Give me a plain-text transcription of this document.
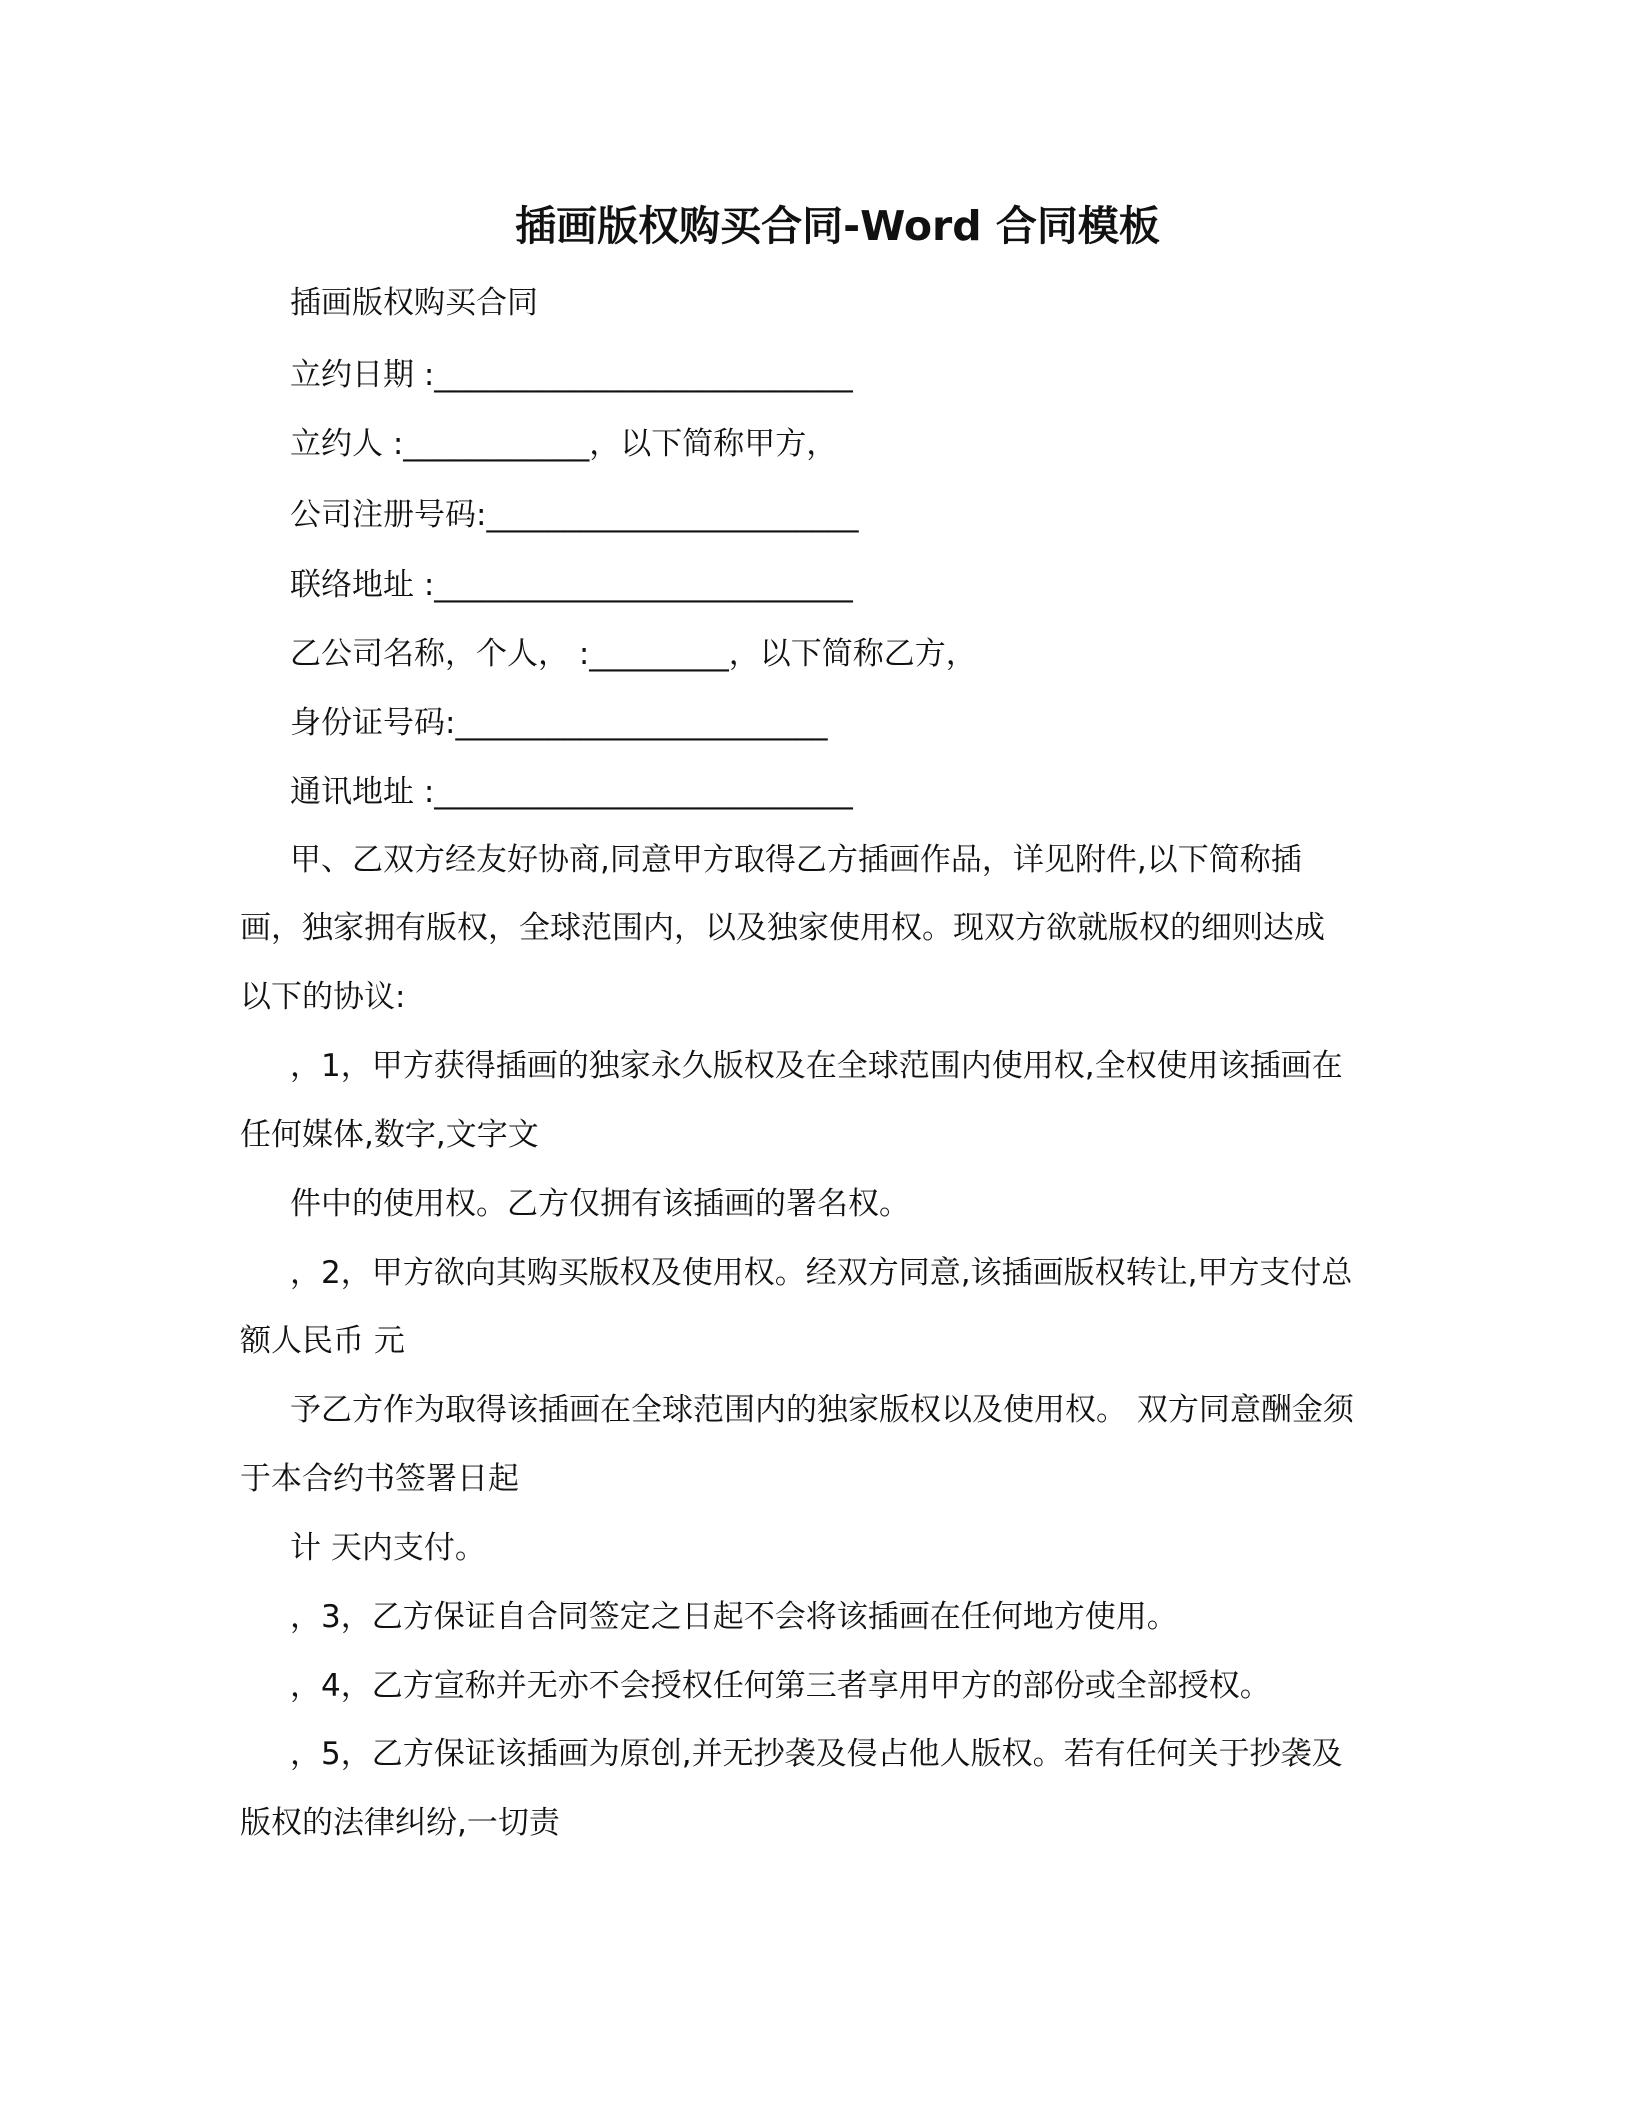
插画版权购买合同-Word 合同模板
插画版权购买合同
立约日期 :___________________________
立约人 :____________，以下简称甲方，
公司注册号码:________________________
联络地址 :___________________________
乙公司名称，个人， :_________，以下简称乙方，
身份证号码:________________________
通讯地址 :___________________________
甲、乙双方经友好协商,同意甲方取得乙方插画作品，详见附件,以下简称插
画，独家拥有版权，全球范围内，以及独家使用权。现双方欲就版权的细则达成
以下的协议:
，1，甲方获得插画的独家永久版权及在全球范围内使用权,全权使用该插画在
任何媒体,数字,文字文
件中的使用权。乙方仅拥有该插画的署名权。
，2，甲方欲向其购买版权及使用权。经双方同意,该插画版权转让,甲方支付总
额人民币 元
予乙方作为取得该插画在全球范围内的独家版权以及使用权。 双方同意酬金须
于本合约书签署日起
计 天内支付。
，3，乙方保证自合同签定之日起不会将该插画在任何地方使用。
，4，乙方宣称并无亦不会授权任何第三者享用甲方的部份或全部授权。
，5，乙方保证该插画为原创,并无抄袭及侵占他人版权。若有任何关于抄袭及
版权的法律纠纷,一切责
